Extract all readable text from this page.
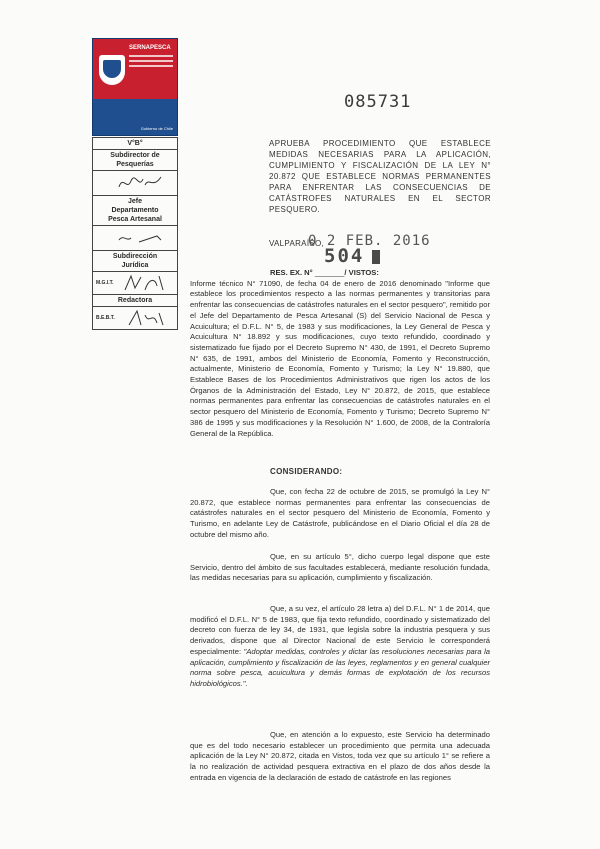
SERNAPESCA
Gobierno de Chile
V°B°
Subdirector de Pesquerías

Jefe
Departamento
Pesca Artesanal

Subdirección
Jurídica

M.G.I.T.

Redactora

B.E.B.T.
085731
APRUEBA PROCEDIMIENTO QUE ESTABLECE MEDIDAS NECESARIAS PARA LA APLICACIÓN, CUMPLIMIENTO Y FISCALIZACIÓN DE LA LEY N° 20.872 QUE ESTABLECE NORMAS PERMANENTES PARA ENFRENTAR LAS CONSECUENCIAS DE CATÁSTROFES NATURALES EN EL SECTOR PESQUERO.
VALPARAÍSO,
0 2 FEB. 2016
504
RES. EX. N° _______/ VISTOS:
Informe técnico N° 71090, de fecha 04 de enero de 2016 denominado "Informe que establece los procedimientos respecto a las normas permanentes y transitorias para enfrentar las consecuencias de catástrofes naturales en el sector pesquero", remitido por el Jefe del Departamento de Pesca Artesanal (S) del Servicio Nacional de Pesca y Acuicultura; el D.F.L. N° 5, de 1983 y sus modificaciones, la Ley General de Pesca y Acuicultura N° 18.892 y sus modificaciones, cuyo texto refundido, coordinado y sistematizado fue fijado por el Decreto Supremo N° 430, de 1991, el Decreto Supremo N° 635, de 1991, ambos del Ministerio de Economía, Fomento y Reconstrucción, actualmente, Ministerio de Economía, Fomento y Turismo; la Ley N° 19.880, que Establece Bases de los Procedimientos Administrativos que rigen los actos de los Órganos de la Administración del Estado, Ley N° 20.872, de 2015, que establece normas permanentes para enfrentar las consecuencias de catástrofes naturales en el sector pesquero del Ministerio de Economía, Fomento y Turismo; Decreto Supremo N° 386 de 1995 y sus modificaciones y la Resolución N° 1.600, de 2008, de la Contraloría General de la República.
CONSIDERANDO:
Que, con fecha 22 de octubre de 2015, se promulgó la Ley N° 20.872, que establece normas permanentes para enfrentar las consecuencias de catástrofes naturales en el sector pesquero del Ministerio de Economía, Fomento y Turismo, en adelante Ley de Catástrofe, publicándose en el Diario Oficial el día 28 de octubre del mismo año.
Que, en su artículo 5°, dicho cuerpo legal dispone que este Servicio, dentro del ámbito de sus facultades establecerá, mediante resolución fundada, las medidas necesarias para su aplicación, cumplimiento y fiscalización.
Que, a su vez, el artículo 28 letra a) del D.F.L. N° 1 de 2014, que modificó el D.F.L. N° 5 de 1983, que fija texto refundido, coordinado y sistematizado del decreto con fuerza de ley 34, de 1931, que legisla sobre la industria pesquera y sus derivados, dispone que al Director Nacional de este Servicio le corresponderá especialmente: "Adoptar medidas, controles y dictar las resoluciones necesarias para la aplicación, cumplimiento y fiscalización de las leyes, reglamentos y en general cualquier norma sobre pesca, acuicultura y demás formas de explotación de los recursos hidrobiológicos.".
Que, en atención a lo expuesto, este Servicio ha determinado que es del todo necesario establecer un procedimiento que permita una adecuada aplicación de la Ley N° 20.872, citada en Vistos, toda vez que su artículo 1° se refiere a la no realización de actividad pesquera extractiva en el plazo de dos años desde la entrada en vigencia de la declaración de estado de catástrofe en las regiones
